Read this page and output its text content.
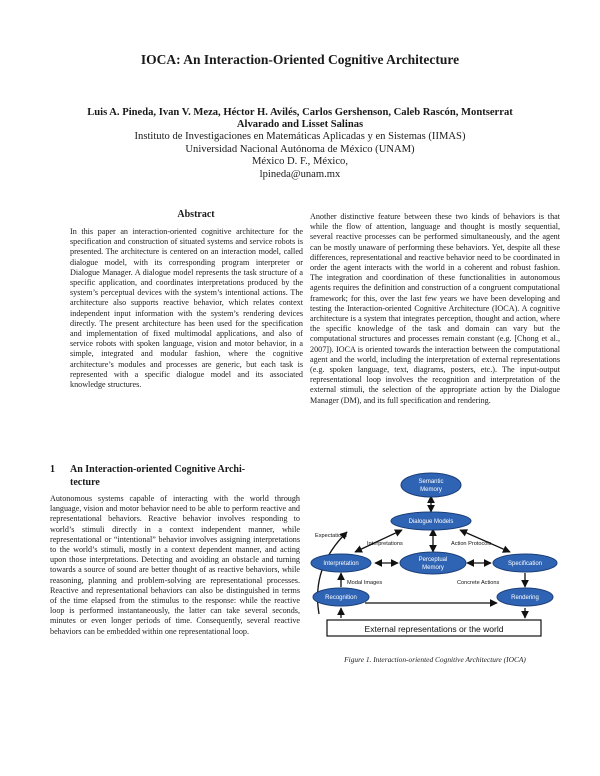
IOCA: An Interaction-Oriented Cognitive Architecture
Luis A. Pineda, Ivan V. Meza, Héctor H. Avilés, Carlos Gershenson, Caleb Rascón, Montserrat Alvarado and Lisset Salinas
Instituto de Investigaciones en Matemáticas Aplicadas y en Sistemas (IIMAS)
Universidad Nacional Autónoma de México (UNAM)
México D. F., México,
lpineda@unam.mx
Abstract

In this paper an interaction-oriented cognitive architecture for the specification and construction of situated systems and service robots is presented. The architecture is centered on an interaction model, called dialogue model, with its corresponding program interpreter or Dialogue Manager. A dialogue model represents the task structure of a specific application, and coordinates interpretations produced by the system’s perceptual devices with the system’s intentional actions. The architecture also supports reactive behavior, which relates context independent input information with the system’s rendering devices directly. The present architecture has been used for the specification and implementation of fixed multimodal applications, and also of service robots with spoken language, vision and motor behavior, in a simple, integrated and modular fashion, where the cognitive architecture’s modules and processes are generic, but each task is represented with a specific dialogue model and its associated knowledge structures.

1 An Interaction-oriented Cognitive Archi-
tecture

Autonomous systems capable of interacting with the world through language, vision and motor behavior need to be able to perform reactive and representational behaviors. Reactive behavior involves responding to world’s stimuli directly in a context independent manner, while representational or “intentional” behavior involves assigning interpretations to the world’s stimuli, mostly in a context dependent manner, and acting upon those interpretations. Detecting and avoiding an obstacle and turning towards a source of sound are better thought of as reactive behaviors, while reasoning, planning and problem-solving are representational processes. Reactive and representational behaviors can also be distinguished in terms of the time elapsed from the stimulus to the response: while the reactive loop is performed instantaneously, the latter can take several seconds, minutes or even longer periods of time. Consequently, several reactive behaviors can be embedded within one representational loop.

Another distinctive feature between these two kinds of behaviors is that while the flow of attention, language and thought is mostly sequential, several reactive processes can be performed simultaneously, and the agent can be mostly unaware of performing these behaviors. Yet, despite all these differences, representational and reactive behavior need to be coordinated in order the agent interacts with the world in a coherent and robust fashion. The integration and coordination of these functionalities in autonomous agents requires the definition and construction of a congruent computational framework; for this, over the last few years we have been developing and testing the Interaction-oriented Cognitive Architecture (IOCA). A cognitive architecture is a system that integrates perception, thought and action, where the specific knowledge of the task and domain can vary but the computational structures and processes remain constant (e.g. [Chong et al., 2007]). IOCA is oriented towards the interaction between the computational agent and the world, including the interpretation of external representations (e.g. spoken language, text, diagrams, posters, etc.). The input-output representational loop involves the recognition and interpretation of the external stimuli, the selection of the appropriate action by the Dialogue Manager (DM), and its full specification and rendering.

Semantic
Memory
Dialogue Models
Interpretation
Perceptual
Memory
Specification
Recognition	Rendering
External representations or the world
Expectations
Interpretations	Action Protocols
Modal Images	Concrete Actions
Figure 1. Interaction-oriented Cognitive Architecture (IOCA)
